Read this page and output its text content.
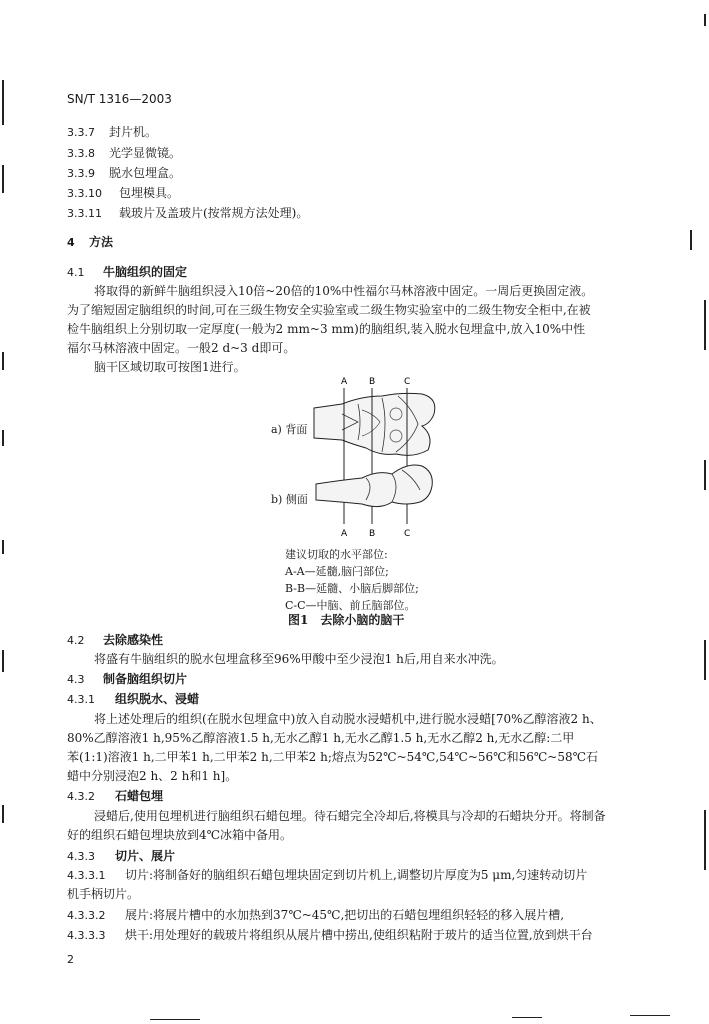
SN/T 1316—2003
3.3.7 封片机。
3.3.8 光学显微镜。
3.3.9 脱水包埋盒。
3.3.10 包埋模具。
3.3.11 载玻片及盖玻片(按常规方法处理)。
4 方法
4.1 牛脑组织的固定
将取得的新鲜牛脑组织浸入10倍~20倍的10%中性福尔马林溶液中固定。一周后更换固定液。
为了缩短固定脑组织的时间,可在三级生物安全实验室或二级生物实验室中的二级生物安全柜中,在被
检牛脑组织上分别切取一定厚度(一般为2 mm~3 mm)的脑组织,装入脱水包埋盒中,放入10%中性
福尔马林溶液中固定。一般2 d~3 d即可。
脑干区域切取可按图1进行。
A B	C
A B	C
a) 背面
b) 侧面
建议切取的水平部位:
A-A—延髓,脑闩部位;
B-B—延髓、小脑后脚部位;
C-C—中脑、前丘脑部位。
图1　去除小脑的脑干
4.2 去除感染性
将盛有牛脑组织的脱水包埋盒移至96%甲酸中至少浸泡1 h后,用自来水冲洗。
4.3 制备脑组织切片
4.3.1 组织脱水、浸蜡
将上述处理后的组织(在脱水包埋盒中)放入自动脱水浸蜡机中,进行脱水浸蜡[70%乙醇溶液2 h、
80%乙醇溶液1 h,95%乙醇溶液1.5 h,无水乙醇1 h,无水乙醇1.5 h,无水乙醇2 h,无水乙醇:二甲
苯(1:1)溶液1 h,二甲苯1 h,二甲苯2 h,二甲苯2 h;熔点为52℃~54℃,54℃~56℃和56℃~58℃石
蜡中分别浸泡2 h、2 h和1 h]。
4.3.2 石蜡包埋
浸蜡后,使用包埋机进行脑组织石蜡包埋。待石蜡完全冷却后,将模具与冷却的石蜡块分开。将制备
好的组织石蜡包埋块放到4℃冰箱中备用。
4.3.3 切片、展片
4.3.3.1 切片:将制备好的脑组织石蜡包埋块固定到切片机上,调整切片厚度为5 μm,匀速转动切片
机手柄切片。
4.3.3.2 展片:将展片槽中的水加热到37℃~45℃,把切出的石蜡包埋组织轻轻的移入展片槽,
4.3.3.3 烘干:用处理好的载玻片将组织从展片槽中捞出,使组织粘附于玻片的适当位置,放到烘干台
2
